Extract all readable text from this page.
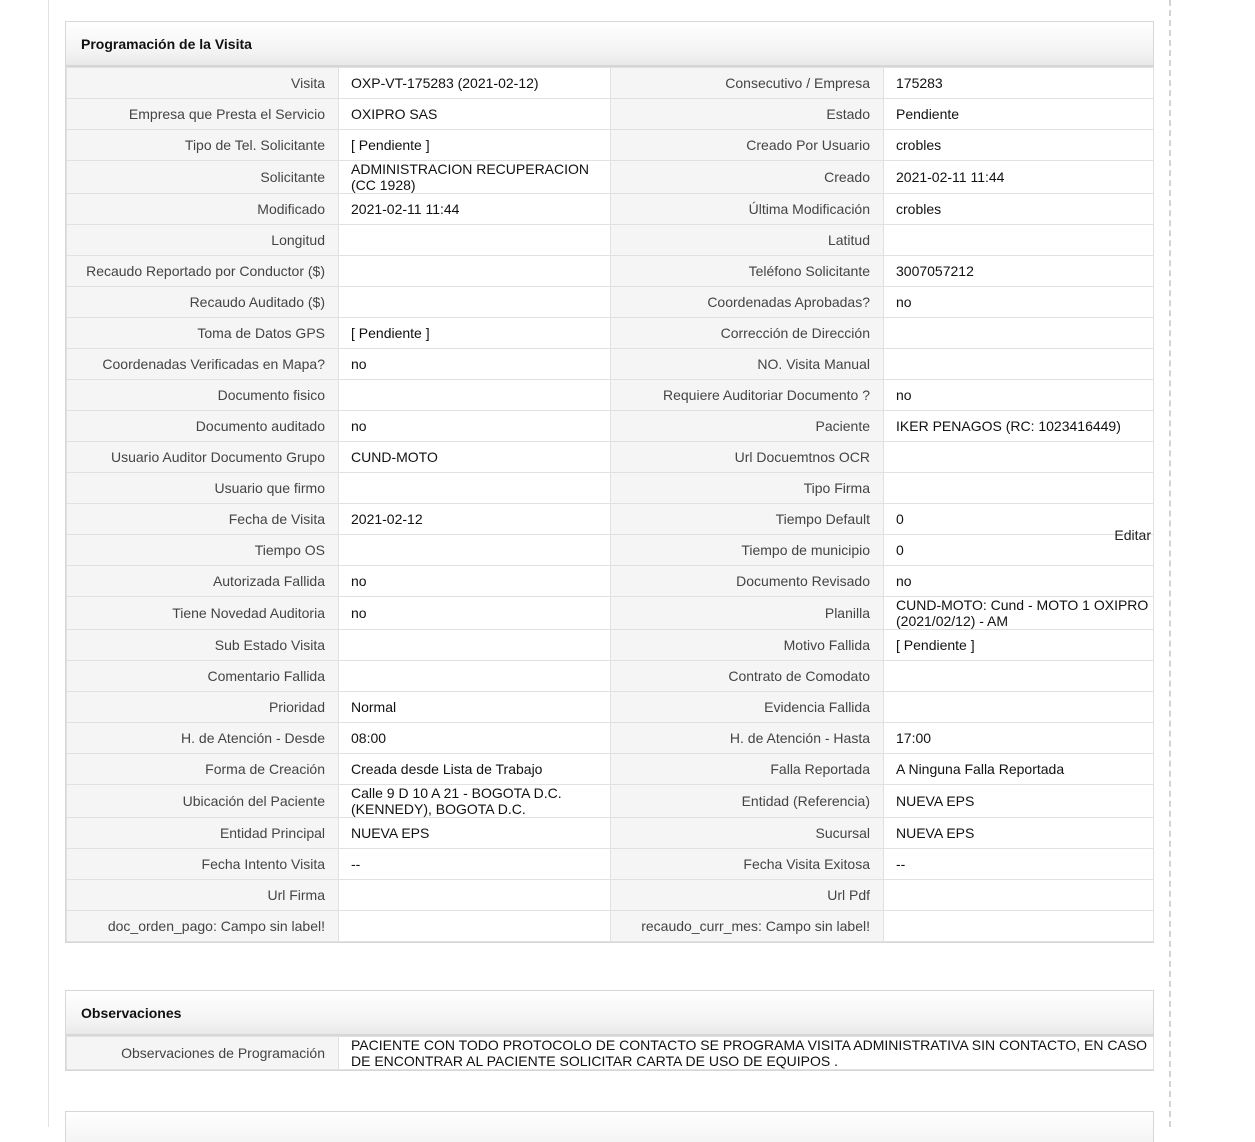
Programación de la Visita
Visita	OXP-VT-175283 (2021-02-12)	Consecutivo / Empresa	175283
Empresa que Presta el Servicio	OXIPRO SAS	Estado	Pendiente
Tipo de Tel. Solicitante	[ Pendiente ]	Creado Por Usuario	crobles
Solicitante	ADMINISTRACION RECUPERACION (CC 1928)	Creado	2021-02-11 11:44
Modificado	2021-02-11 11:44	Última Modificación	crobles
Longitud		Latitud	
Recaudo Reportado por Conductor ($)		Teléfono Solicitante	3007057212
Recaudo Auditado ($)		Coordenadas Aprobadas?	no
Toma de Datos GPS	[ Pendiente ]	Corrección de Dirección	
Coordenadas Verificadas en Mapa?	no	NO. Visita Manual	
Documento fisico		Requiere Auditoriar Documento ?	no
Documento auditado	no	Paciente	IKER PENAGOS (RC: 1023416449)
Usuario Auditor Documento Grupo	CUND-MOTO	Url Docuemtnos OCR	
Usuario que firmo		Tipo Firma	
Fecha de Visita	2021-02-12	Tiempo Default	0
Tiempo OS		Tiempo de municipio	0
Editar

Autorizada Fallida	no	Documento Revisado	no
Tiene Novedad Auditoria	no	Planilla	CUND-MOTO: Cund - MOTO 1 OXIPRO (2021/02/12) - AM
Sub Estado Visita		Motivo Fallida	[ Pendiente ]
Comentario Fallida		Contrato de Comodato	
Prioridad	Normal	Evidencia Fallida	
H. de Atención - Desde	08:00	H. de Atención - Hasta	17:00
Forma de Creación	Creada desde Lista de Trabajo	Falla Reportada	A Ninguna Falla Reportada
Ubicación del Paciente	Calle 9 D 10 A 21 - BOGOTA D.C. (KENNEDY), BOGOTA D.C.	Entidad (Referencia)	NUEVA EPS
Entidad Principal	NUEVA EPS	Sucursal	NUEVA EPS
Fecha Intento Visita	--	Fecha Visita Exitosa	--
Url Firma		Url Pdf	
doc_orden_pago: Campo sin label!		recaudo_curr_mes: Campo sin label!	
Observaciones
Observaciones de Programación	PACIENTE CON TODO PROTOCOLO DE CONTACTO SE PROGRAMA VISITA ADMINISTRATIVA SIN CONTACTO, EN CASO DE ENCONTRAR AL PACIENTE SOLICITAR CARTA DE USO DE EQUIPOS .
